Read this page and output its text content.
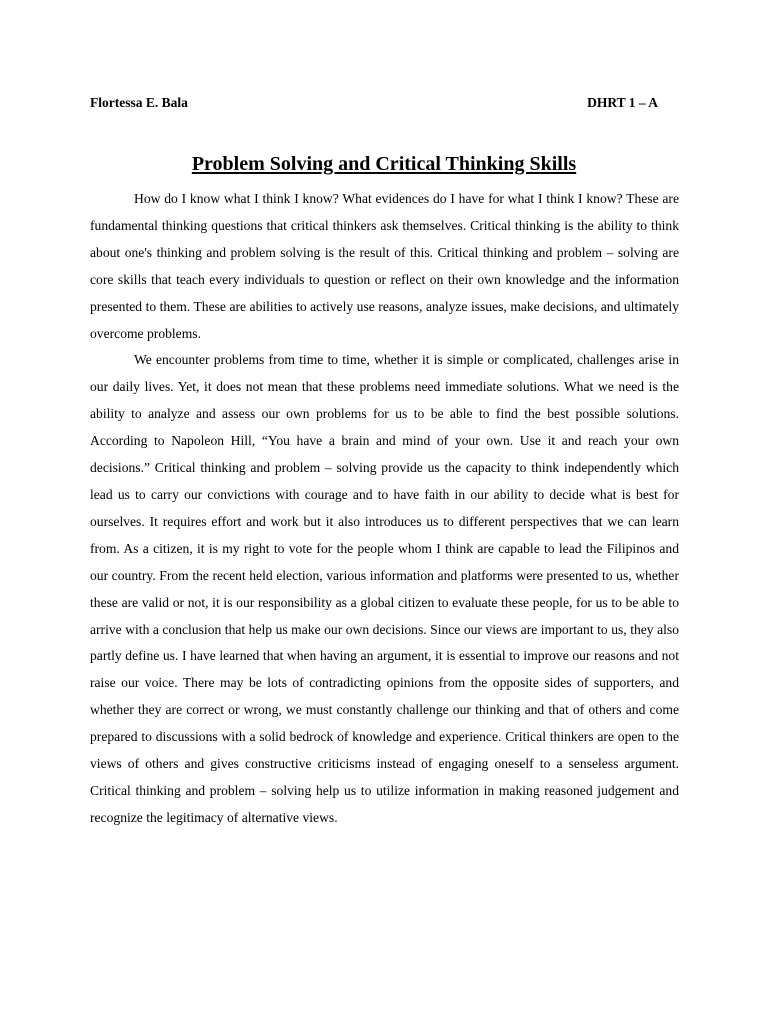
Flortessa E. Bala	DHRT 1 – A
Problem Solving and Critical Thinking Skills

How do I know what I think I know? What evidences do I have for what I think I know? These are fundamental thinking questions that critical thinkers ask themselves. Critical thinking is the ability to think about one's thinking and problem solving is the result of this. Critical thinking and problem – solving are core skills that teach every individuals to question or reflect on their own knowledge and the information presented to them. These are abilities to actively use reasons, analyze issues, make decisions, and ultimately overcome problems.

We encounter problems from time to time, whether it is simple or complicated, challenges arise in our daily lives. Yet, it does not mean that these problems need immediate solutions. What we need is the ability to analyze and assess our own problems for us to be able to find the best possible solutions. According to Napoleon Hill, “You have a brain and mind of your own. Use it and reach your own decisions.” Critical thinking and problem – solving provide us the capacity to think independently which lead us to carry our convictions with courage and to have faith in our ability to decide what is best for ourselves. It requires effort and work but it also introduces us to different perspectives that we can learn from. As a citizen, it is my right to vote for the people whom I think are capable to lead the Filipinos and our country. From the recent held election, various information and platforms were presented to us, whether these are valid or not, it is our responsibility as a global citizen to evaluate these people, for us to be able to arrive with a conclusion that help us make our own decisions. Since our views are important to us, they also partly define us. I have learned that when having an argument, it is essential to improve our reasons and not raise our voice. There may be lots of contradicting opinions from the opposite sides of supporters, and whether they are correct or wrong, we must constantly challenge our thinking and that of others and come prepared to discussions with a solid bedrock of knowledge and experience. Critical thinkers are open to the views of others and gives constructive criticisms instead of engaging oneself to a senseless argument. Critical thinking and problem – solving help us to utilize information in making reasoned judgement and recognize the legitimacy of alternative views.
